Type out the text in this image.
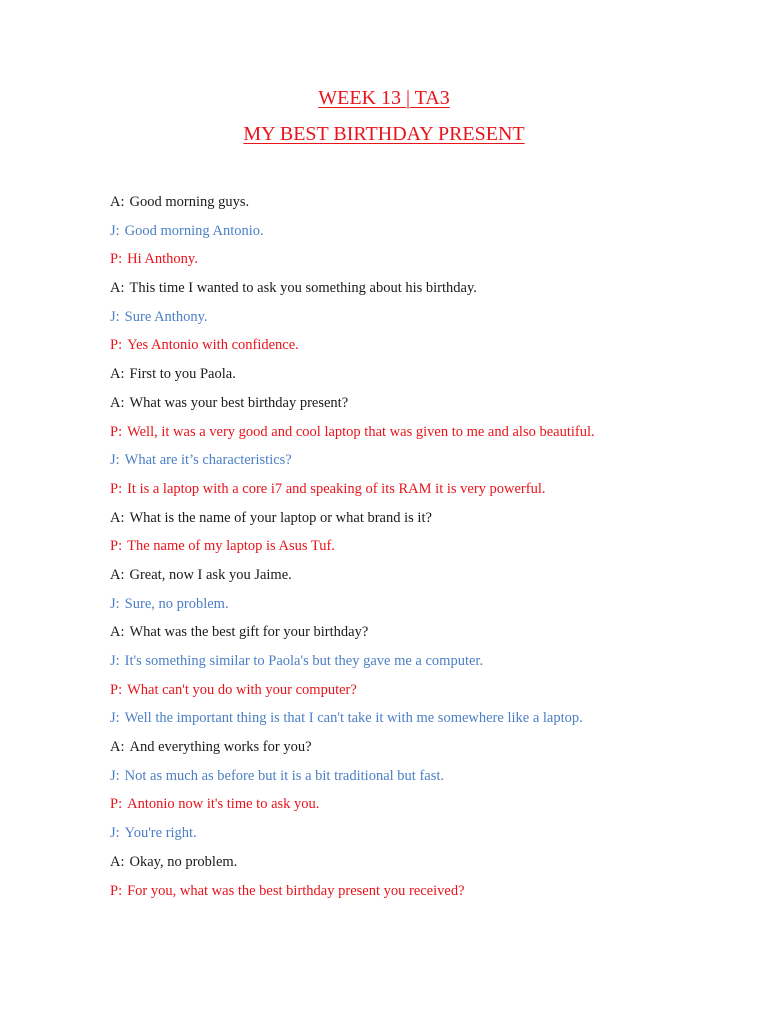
WEEK 13 | TA3
MY BEST BIRTHDAY PRESENT
A: Good morning guys.
J: Good morning Antonio.
P: Hi Anthony.
A: This time I wanted to ask you something about his birthday.
J: Sure Anthony.
P: Yes Antonio with confidence.
A: First to you Paola.
A: What was your best birthday present?
P: Well, it was a very good and cool laptop that was given to me and also beautiful.
J: What are it’s characteristics?
P: It is a laptop with a core i7 and speaking of its RAM it is very powerful.
A: What is the name of your laptop or what brand is it?
P: The name of my laptop is Asus Tuf.
A: Great, now I ask you Jaime.
J: Sure, no problem.
A: What was the best gift for your birthday?
J: It's something similar to Paola's but they gave me a computer.
P: What can't you do with your computer?
J: Well the important thing is that I can't take it with me somewhere like a laptop.
A: And everything works for you?
J: Not as much as before but it is a bit traditional but fast.
P: Antonio now it's time to ask you.
J: You're right.
A: Okay, no problem.
P: For you, what was the best birthday present you received?
